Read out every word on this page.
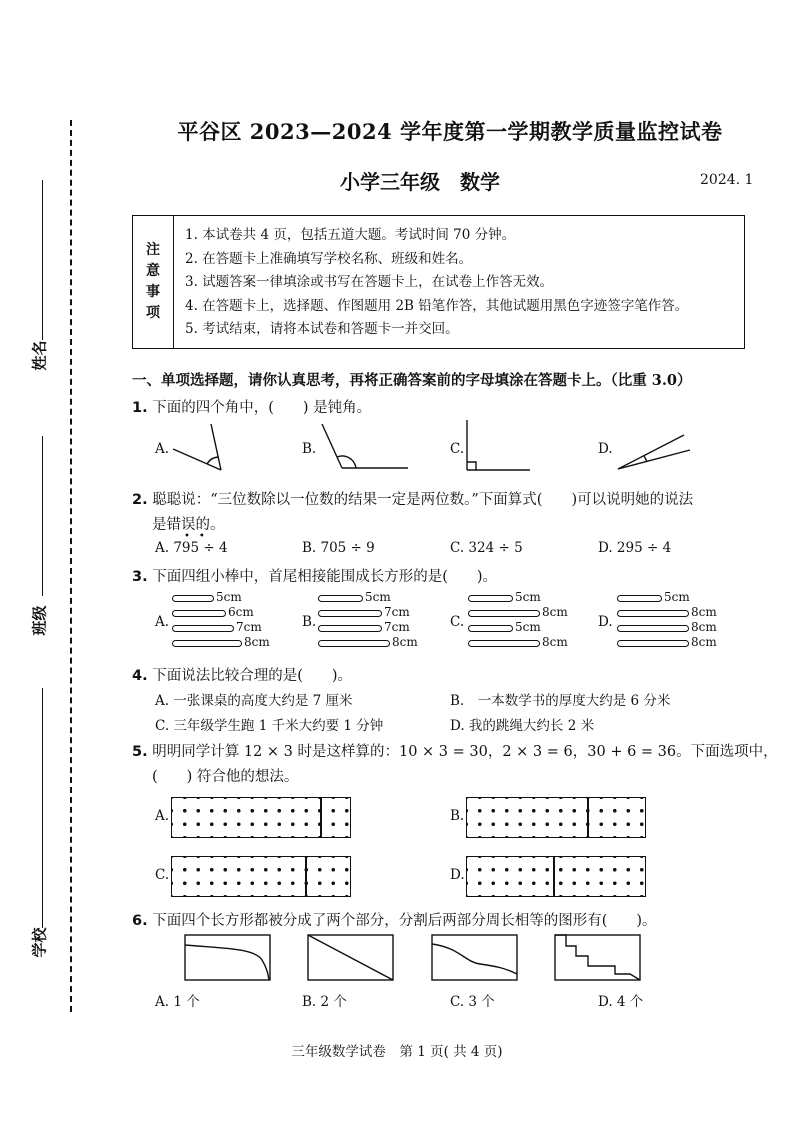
姓名
班级
学校
平谷区 2023—2024 学年度第一学期教学质量监控试卷
小学三年级　数学	2024. 1
注
意
事
项
1. 本试卷共 4 页，包括五道大题。考试时间 70 分钟。
2. 在答题卡上准确填写学校名称、班级和姓名。
3. 试题答案一律填涂或书写在答题卡上，在试卷上作答无效。
4. 在答题卡上，选择题、作图题用 2B 铅笔作答，其他试题用黑色字迹签字笔作答。
5. 考试结束，请将本试卷和答题卡一并交回。
一、单项选择题，请你认真思考，再将正确答案前的字母填涂在答题卡上。（比重 3.0）
1. 下面的四个角中，(　　) 是钝角。
A.	B.	C.	D.
2. 聪聪说：“三位数除以一位数的结果一定是两位数。”下面算式(　　)可以说明她的说法
是错误的。
••
A. 795 ÷ 4	B. 705 ÷ 9	C. 324 ÷ 5	D. 295 ÷ 4
3. 下面四组小棒中，首尾相接能围成长方形的是(　　)。
A.
5cm
6cm
7cm
8cm
B.
5cm
7cm
7cm
8cm
C.
5cm
8cm
5cm
8cm
D.
5cm
8cm
8cm
8cm
4. 下面说法比较合理的是(　　)。
A. 一张课桌的高度大约是 7 厘米	B.　一本数学书的厚度大约是 6 分米
C. 三年级学生跑 1 千米大约要 1 分钟	D. 我的跳绳大约长 2 米
5. 明明同学计算 12 × 3 时是这样算的：10 × 3 = 30，2 × 3 = 6，30 + 6 = 36。下面选项中，
(　　) 符合他的想法。
A.	B.
C.	D.
6. 下面四个长方形都被分成了两个部分，分割后两部分周长相等的图形有(　　)。
A. 1 个	B. 2 个	C. 3 个	D. 4 个
三年级数学试卷　第 1 页( 共 4 页)
